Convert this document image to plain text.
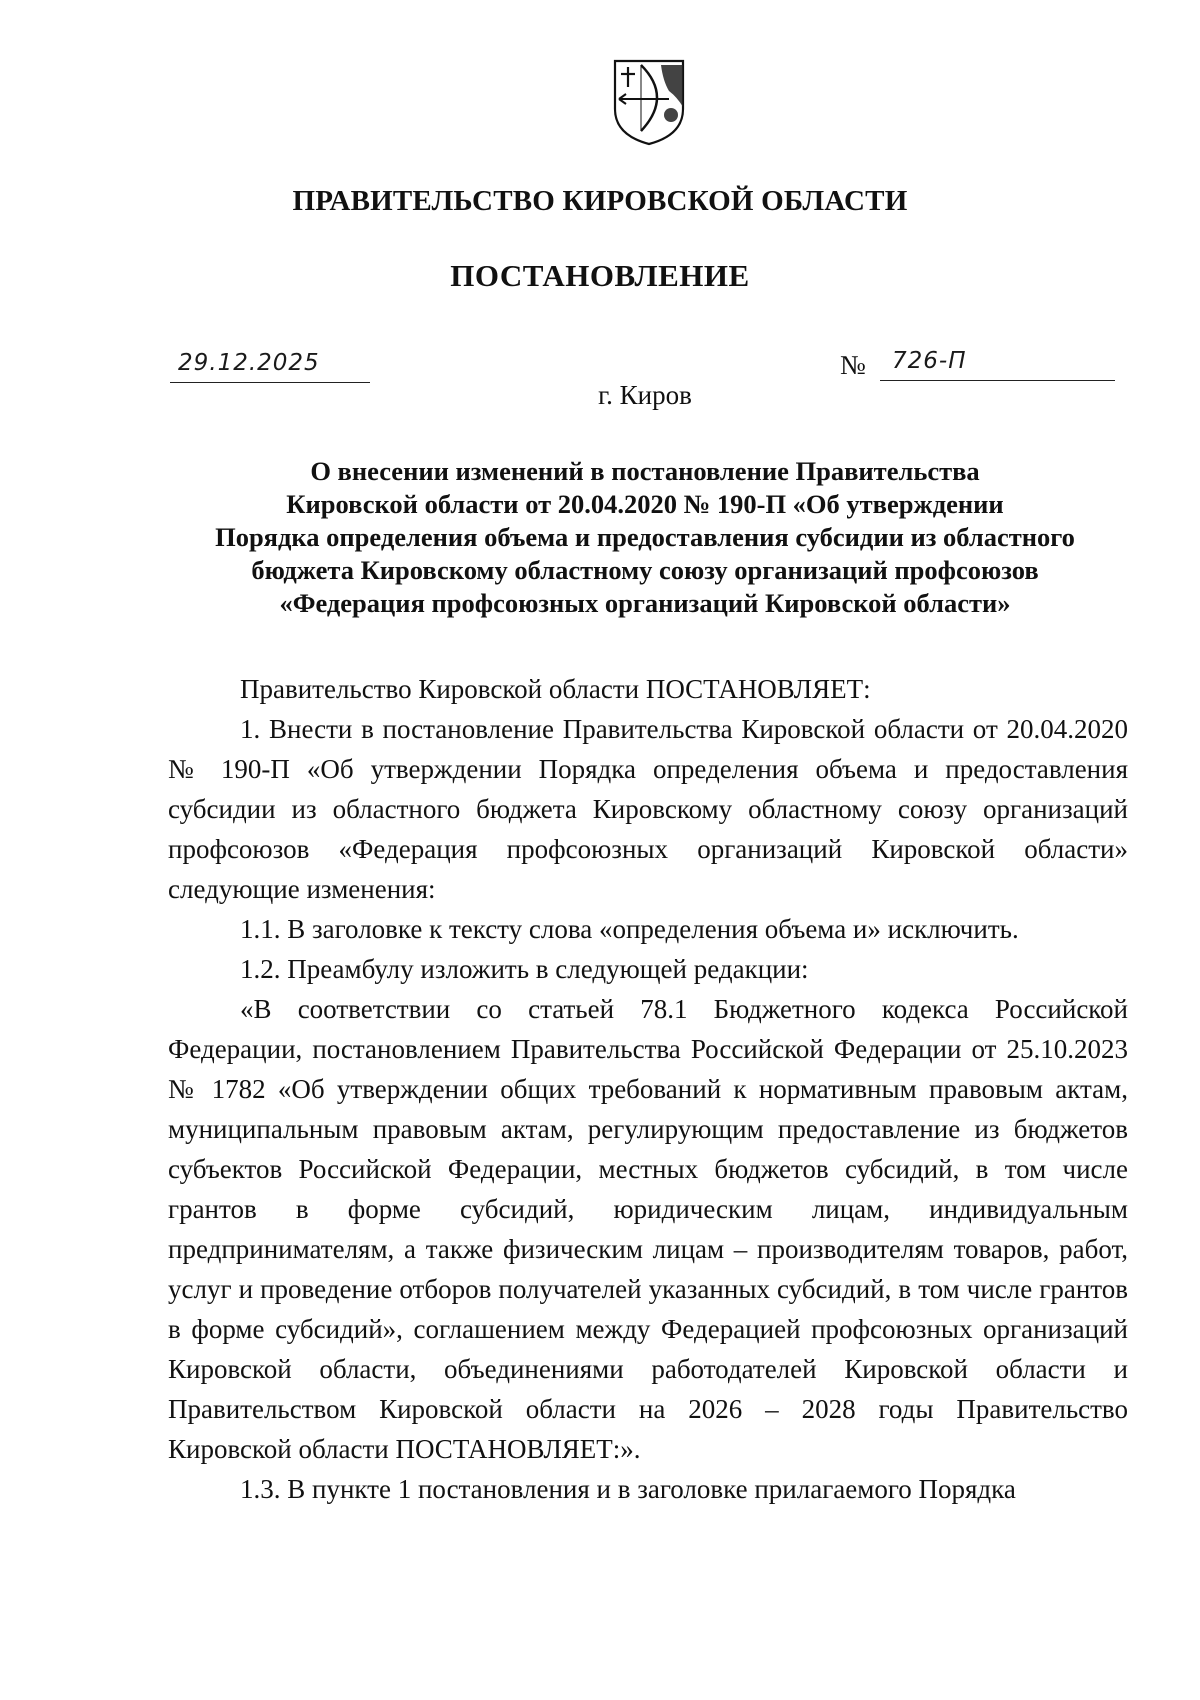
ПРАВИТЕЛЬСТВО КИРОВСКОЙ ОБЛАСТИ
ПОСТАНОВЛЕНИЕ
29.12.2025	№ 726-П
г. Киров
О внесении изменений в постановление Правительства
Кировской области от 20.04.2020 № 190-П «Об утверждении
Порядка определения объема и предоставления субсидии из областного
бюджета Кировскому областному союзу организаций профсоюзов
«Федерация профсоюзных организаций Кировской области»

Правительство Кировской области ПОСТАНОВЛЯЕТ:

1. Внести в постановление Правительства Кировской области от 20.04.2020 № 190-П «Об утверждении Порядка определения объема и предоставления субсидии из областного бюджета Кировскому областному союзу организаций профсоюзов «Федерация профсоюзных организаций Кировской области» следующие изменения:

1.1. В заголовке к тексту слова «определения объема и» исключить.

1.2. Преамбулу изложить в следующей редакции:

«В соответствии со статьей 78.1 Бюджетного кодекса Российской Федерации, постановлением Правительства Российской Федерации от 25.10.2023 № 1782 «Об утверждении общих требований к нормативным правовым актам, муниципальным правовым актам, регулирующим предоставление из бюджетов субъектов Российской Федерации, местных бюджетов субсидий, в том числе грантов в форме субсидий, юридическим лицам, индивидуальным предпринимателям, а также физическим лицам – производителям товаров, работ, услуг и проведение отборов получателей указанных субсидий, в том числе грантов в форме субсидий», соглашением между Федерацией профсоюзных организаций Кировской области, объединениями работодателей Кировской области и Правительством Кировской области на 2026 – 2028 годы Правительство Кировской области ПОСТАНОВЛЯЕТ:».

1.3. В пункте 1 постановления и в заголовке прилагаемого Порядка
